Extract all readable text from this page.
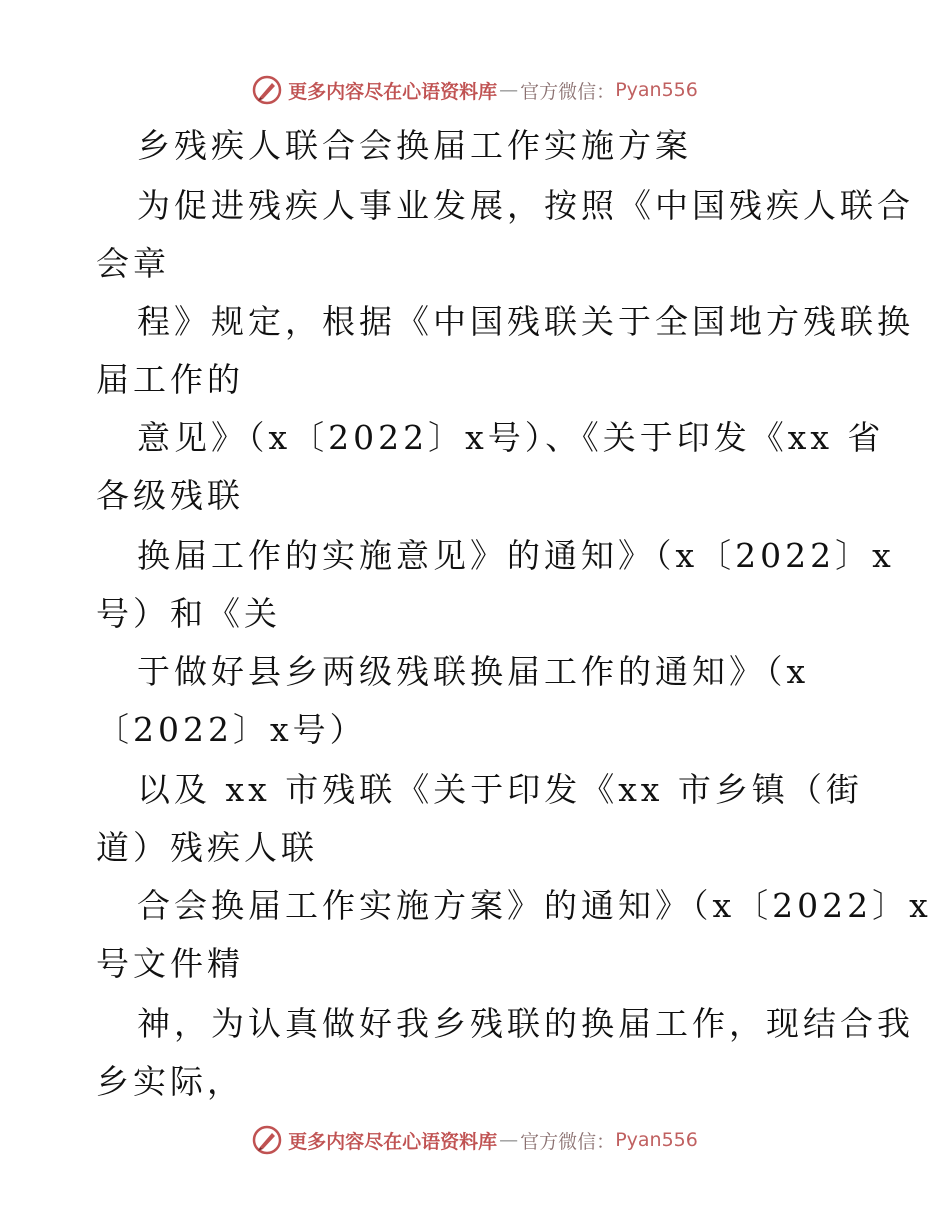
更多内容尽在心语资料库 — 官方微信： Pyan556
乡残疾人联合会换届工作实施方案
为促进残疾人事业发展，按照《中国残疾人联合
会章
程》规定，根据《中国残联关于全国地方残联换
届工作的
意见》（x〔2022〕x号）、《关于印发《xx 省
各级残联
换届工作的实施意见》的通知》（x〔2022〕x
号）和《关
于做好县乡两级残联换届工作的通知》（x
〔2022〕x号）
以及 xx 市残联《关于印发《xx 市乡镇（街
道）残疾人联
合会换届工作实施方案》的通知》（x〔2022〕x
号文件精
神，为认真做好我乡残联的换届工作，现结合我
乡实际，
更多内容尽在心语资料库 — 官方微信： Pyan556
